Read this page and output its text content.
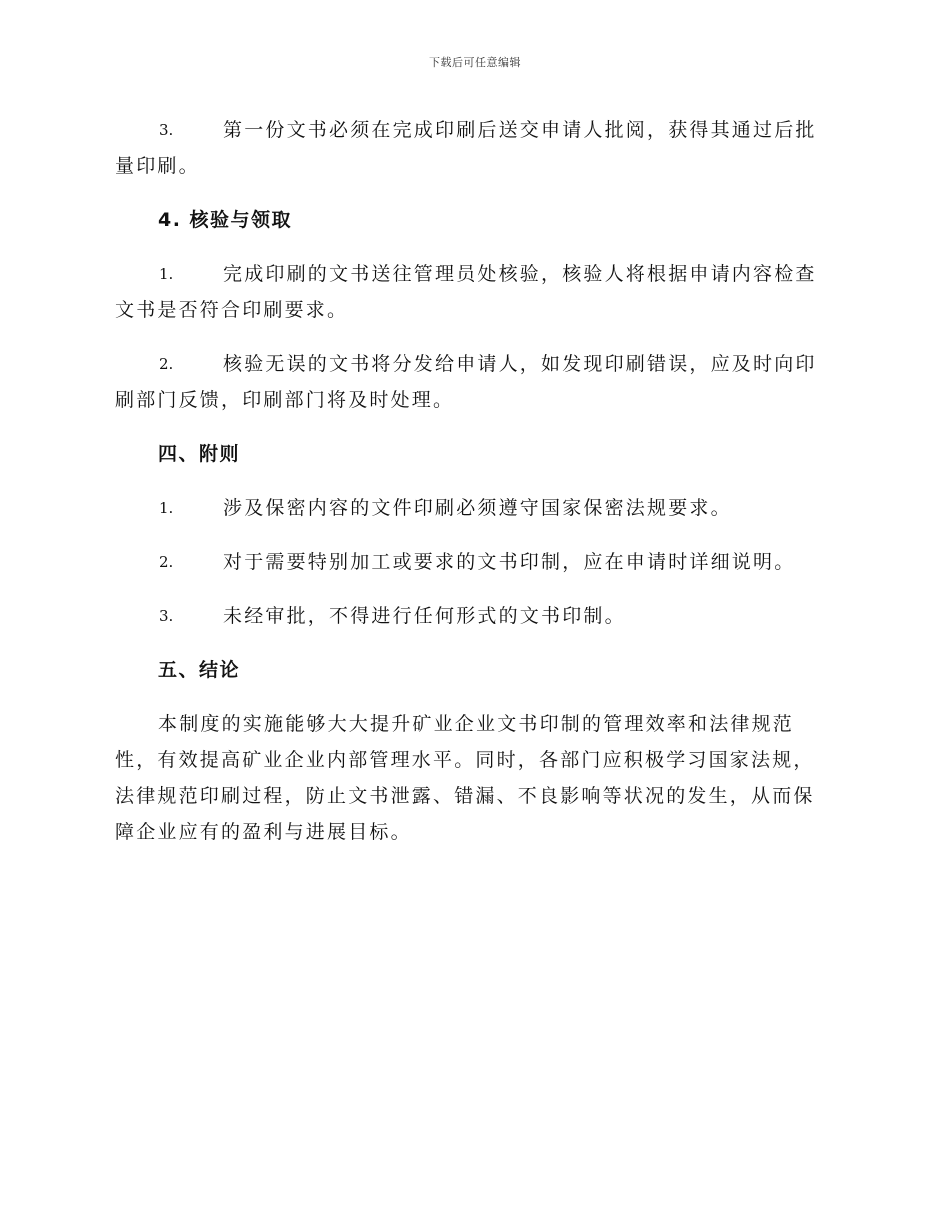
下载后可任意编辑

3.	第一份文书必须在完成印刷后送交申请人批阅，获得其通过后批量印刷。

4. 核验与领取

1.	完成印刷的文书送往管理员处核验，核验人将根据申请内容检查文书是否符合印刷要求。

2.	核验无误的文书将分发给申请人，如发现印刷错误，应及时向印刷部门反馈，印刷部门将及时处理。

四、附则

1.	涉及保密内容的文件印刷必须遵守国家保密法规要求。

2.	对于需要特别加工或要求的文书印制，应在申请时详细说明。

3.	未经审批，不得进行任何形式的文书印制。

五、结论

本制度的实施能够大大提升矿业企业文书印制的管理效率和法律规范性，有效提高矿业企业内部管理水平。同时，各部门应积极学习国家法规，法律规范印刷过程，防止文书泄露、错漏、不良影响等状况的发生，从而保障企业应有的盈利与进展目标。
